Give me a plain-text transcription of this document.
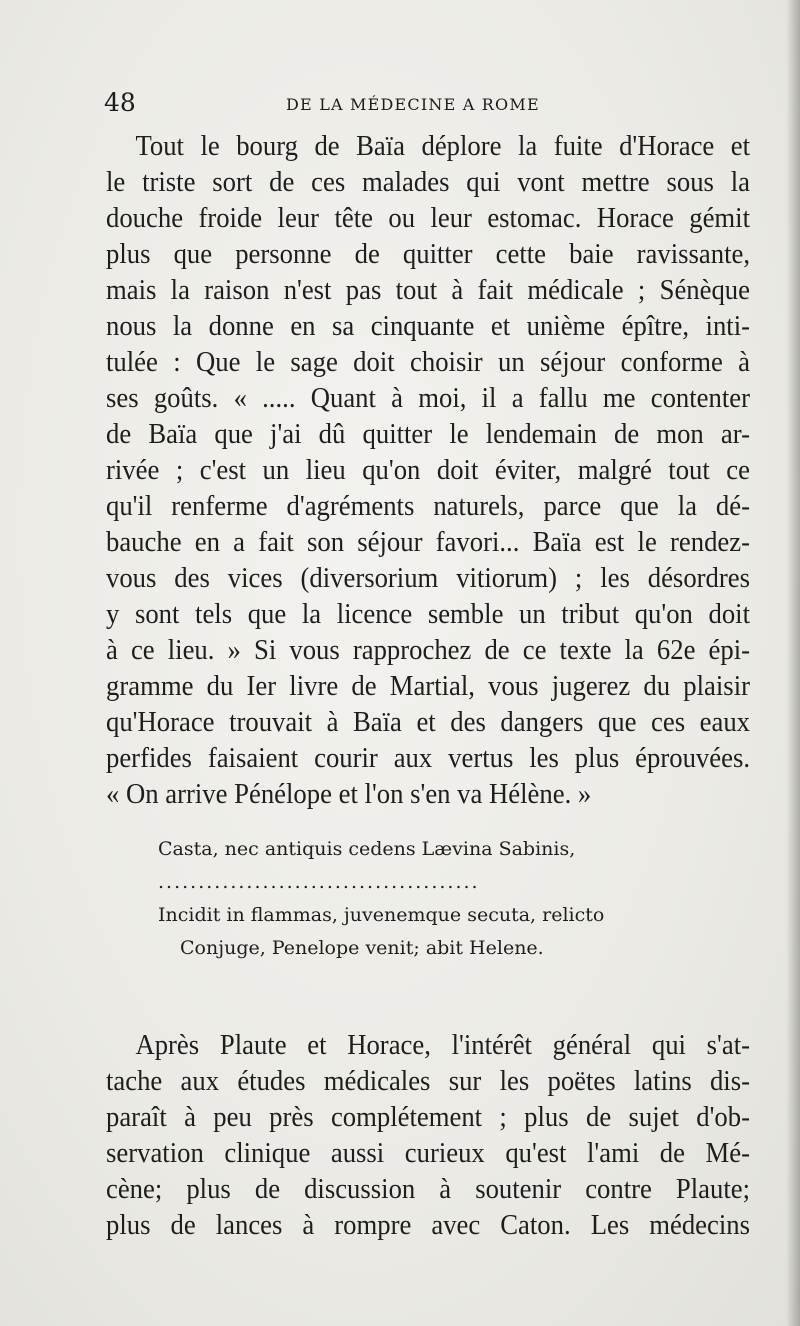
48	DE LA MÉDECINE A ROME
Tout le bourg de Baïa déplore la fuite d'Horace et
le triste sort de ces malades qui vont mettre sous la
douche froide leur tête ou leur estomac. Horace gémit
plus que personne de quitter cette baie ravissante,
mais la raison n'est pas tout à fait médicale ; Sénèque
nous la donne en sa cinquante et unième épître, inti-
tulée : Que le sage doit choisir un séjour conforme à
ses goûts. « ..... Quant à moi, il a fallu me contenter
de Baïa que j'ai dû quitter le lendemain de mon ar-
rivée ; c'est un lieu qu'on doit éviter, malgré tout ce
qu'il renferme d'agréments naturels, parce que la dé-
bauche en a fait son séjour favori... Baïa est le rendez-
vous des vices (diversorium vitiorum) ; les désordres
y sont tels que la licence semble un tribut qu'on doit
à ce lieu. » Si vous rapprochez de ce texte la 62e épi-
gramme du Ier livre de Martial, vous jugerez du plaisir
qu'Horace trouvait à Baïa et des dangers que ces eaux
perfides faisaient courir aux vertus les plus éprouvées.
« On arrive Pénélope et l'on s'en va Hélène. »
Casta, nec antiquis cedens Lævina Sabinis,
........................................
Incidit in flammas, juvenemque secuta, relicto
Conjuge, Penelope venit; abit Helene.
Après Plaute et Horace, l'intérêt général qui s'at-
tache aux études médicales sur les poëtes latins dis-
paraît à peu près complétement ; plus de sujet d'ob-
servation clinique aussi curieux qu'est l'ami de Mé-
cène; plus de discussion à soutenir contre Plaute;
plus de lances à rompre avec Caton. Les médecins
